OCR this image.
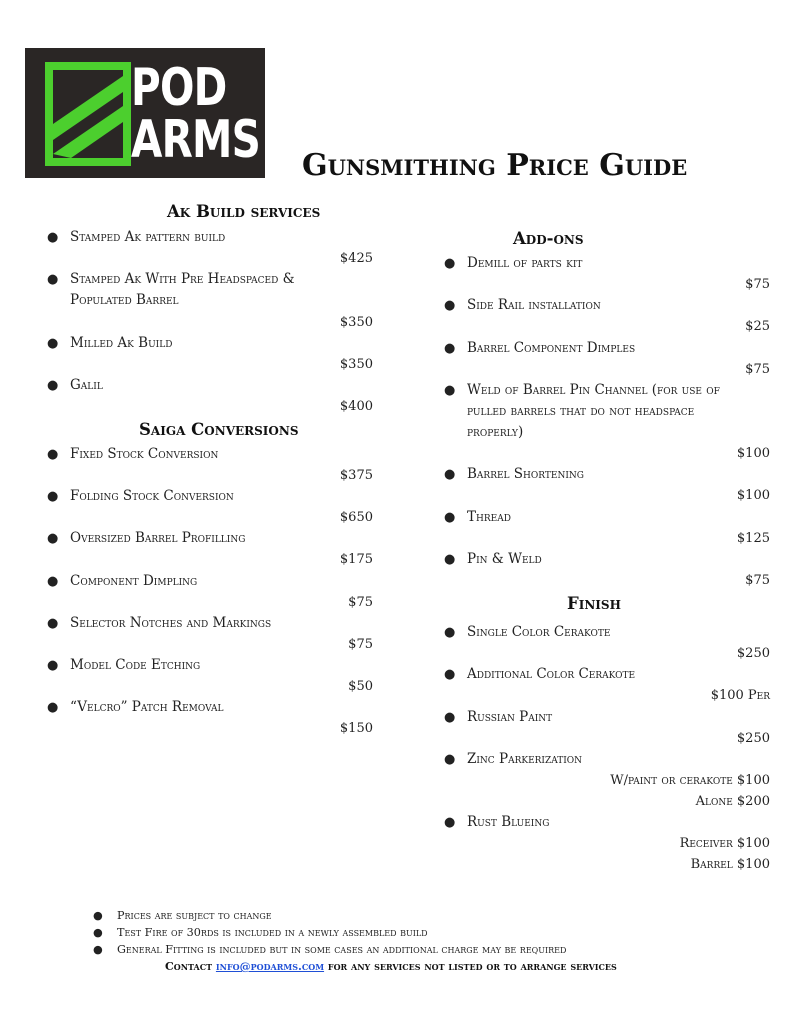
POD
ARMS Gunsmithing Price Guide
Ak Build services
● Stamped Ak pattern build
$425
● Stamped Ak With Pre Headspaced &
Populated Barrel
$350
● Milled Ak Build
$350
● Galil
$400
Saiga Conversions
● Fixed Stock Conversion
$375
● Folding Stock Conversion
$650
● Oversized Barrel Profilling
$175
● Component Dimpling
$75
● Selector Notches and Markings
$75
● Model Code Etching
$50
● “Velcro” Patch Removal
$150
Add-ons
● Demill of parts kit
$75
● Side Rail installation
$25
● Barrel Component Dimples
$75
● Weld of Barrel Pin Channel (for use of
pulled barrels that do not headspace
properly)
$100
● Barrel Shortening
$100
● Thread
$125
● Pin & Weld
$75
Finish
● Single Color Cerakote
$250
● Additional Color Cerakote
$100 Per
● Russian Paint
$250
● Zinc Parkerization
W/paint or cerakote $100
Alone $200
● Rust Blueing
Receiver $100
Barrel $100
● Prices are subject to change
● Test Fire of 30rds is included in a newly assembled build
● General Fitting is included but in some cases an additional charge may be required
Contact info@podarms.com for any services not listed or to arrange services
